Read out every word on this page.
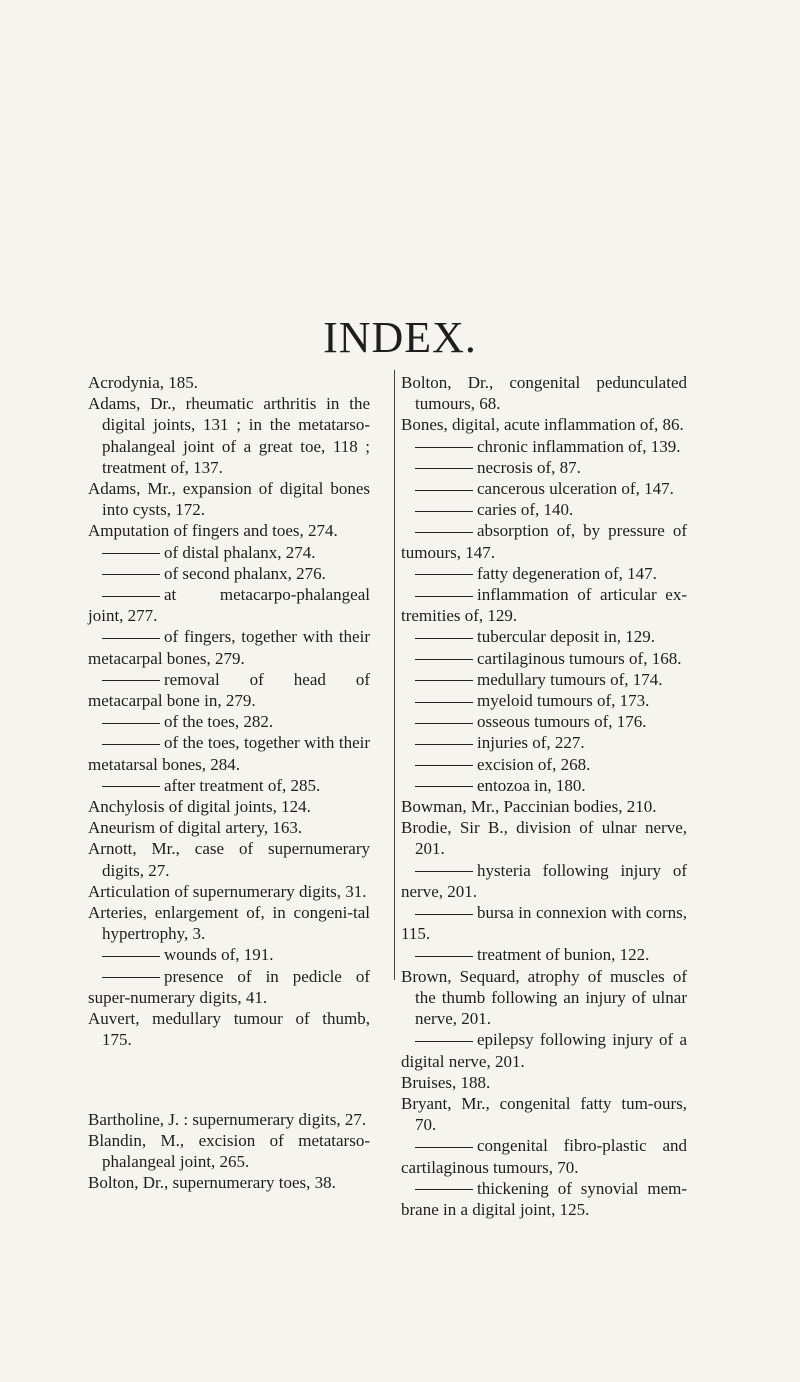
INDEX.

Acrodynia, 185.

Adams, Dr., rheumatic arthritis in the digital joints, 131 ; in the metatarso-phalangeal joint of a great toe, 118 ; treatment of, 137.

Adams, Mr., expansion of digital bones into cysts, 172.

Amputation of fingers and toes, 274.

of distal phalanx, 274.

of second phalanx, 276.

at metacarpo-phalangeal joint, 277.

of fingers, together with their metacarpal bones, 279.

removal of head of metacarpal bone in, 279.

of the toes, 282.

of the toes, together with their metatarsal bones, 284.

after treatment of, 285.

Anchylosis of digital joints, 124.

Aneurism of digital artery, 163.

Arnott, Mr., case of supernumerary digits, 27.

Articulation of supernumerary digits, 31.

Arteries, enlargement of, in congeni-tal hypertrophy, 3.

wounds of, 191.

presence of in pedicle of super-numerary digits, 41.

Auvert, medullary tumour of thumb, 175.

Bartholine, J. : supernumerary digits, 27.

Blandin, M., excision of metatarso-phalangeal joint, 265.

Bolton, Dr., supernumerary toes, 38.

Bolton, Dr., congenital pedunculated tumours, 68.

Bones, digital, acute inflammation of, 86.

chronic inflammation of, 139.

necrosis of, 87.

cancerous ulceration of, 147.

caries of, 140.

absorption of, by pressure of tumours, 147.

fatty degeneration of, 147.

inflammation of articular ex-tremities of, 129.

tubercular deposit in, 129.

cartilaginous tumours of, 168.

medullary tumours of, 174.

myeloid tumours of, 173.

osseous tumours of, 176.

injuries of, 227.

excision of, 268.

entozoa in, 180.

Bowman, Mr., Paccinian bodies, 210.

Brodie, Sir B., division of ulnar nerve, 201.

hysteria following injury of nerve, 201.

bursa in connexion with corns, 115.

treatment of bunion, 122.

Brown, Sequard, atrophy of muscles of the thumb following an injury of ulnar nerve, 201.

epilepsy following injury of a digital nerve, 201.

Bruises, 188.

Bryant, Mr., congenital fatty tum-ours, 70.

congenital fibro-plastic and cartilaginous tumours, 70.

thickening of synovial mem-brane in a digital joint, 125.
